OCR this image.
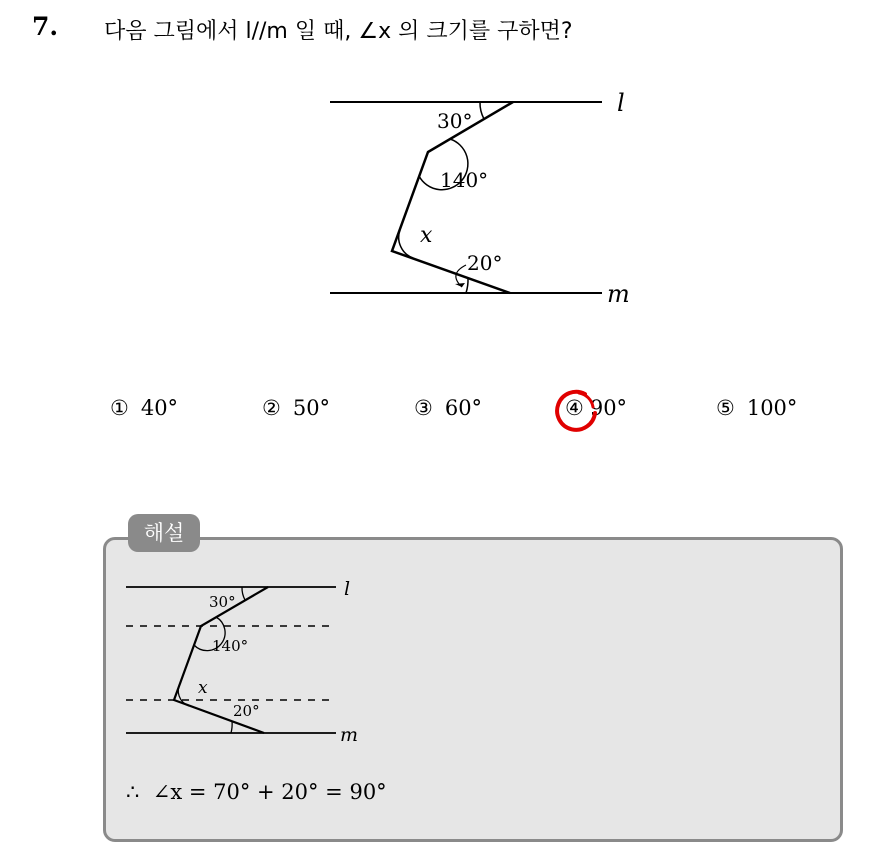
7. 다음 그림에서 l//m 일 때, ∠x 의 크기를 구하면?
l
m
30°
140°
x
20°
① 40°	② 50°	③ 60°	④ 90°	⑤ 100°
해설
30°
140°
x
20°
l
m
∴ ∠x = 70° + 20° = 90°
